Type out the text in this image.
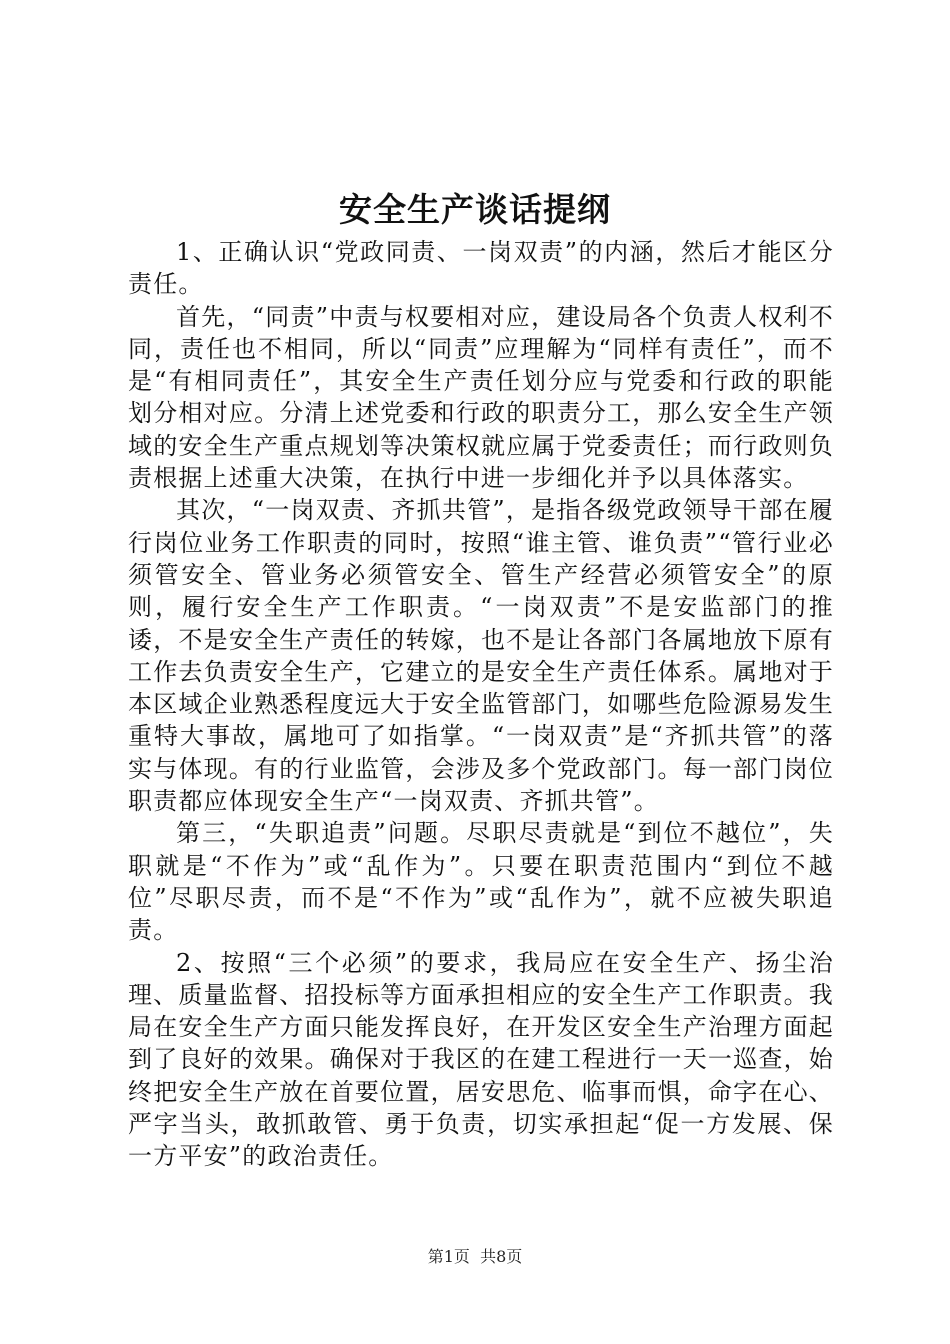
安全生产谈话提纲

1、正确认识“党政同责、一岗双责”的内涵，然后才能区分责任。

首先，“同责”中责与权要相对应，建设局各个负责人权利不同，责任也不相同，所以“同责”应理解为“同样有责任”，而不是“有相同责任”，其安全生产责任划分应与党委和行政的职能划分相对应。分清上述党委和行政的职责分工，那么安全生产领域的安全生产重点规划等决策权就应属于党委责任；而行政则负责根据上述重大决策，在执行中进一步细化并予以具体落实。

其次，“一岗双责、齐抓共管”，是指各级党政领导干部在履行岗位业务工作职责的同时，按照“谁主管、谁负责”“管行业必须管安全、管业务必须管安全、管生产经营必须管安全”的原则，履行安全生产工作职责。“一岗双责”不是安监部门的推诿，不是安全生产责任的转嫁，也不是让各部门各属地放下原有工作去负责安全生产，它建立的是安全生产责任体系。属地对于本区域企业熟悉程度远大于安全监管部门，如哪些危险源易发生重特大事故，属地可了如指掌。“一岗双责”是“齐抓共管”的落实与体现。有的行业监管，会涉及多个党政部门。每一部门岗位职责都应体现安全生产“一岗双责、齐抓共管”。

第三，“失职追责”问题。尽职尽责就是“到位不越位”，失职就是“不作为”或“乱作为”。只要在职责范围内“到位不越位”尽职尽责，而不是“不作为”或“乱作为”，就不应被失职追责。

2、按照“三个必须”的要求，我局应在安全生产、扬尘治理、质量监督、招投标等方面承担相应的安全生产工作职责。我局在安全生产方面只能发挥良好，在开发区安全生产治理方面起到了良好的效果。确保对于我区的在建工程进行一天一巡查，始终把安全生产放在首要位置，居安思危、临事而惧，命字在心、严字当头，敢抓敢管、勇于负责，切实承担起“促一方发展、保一方平安”的政治责任。

第1页 共8页
